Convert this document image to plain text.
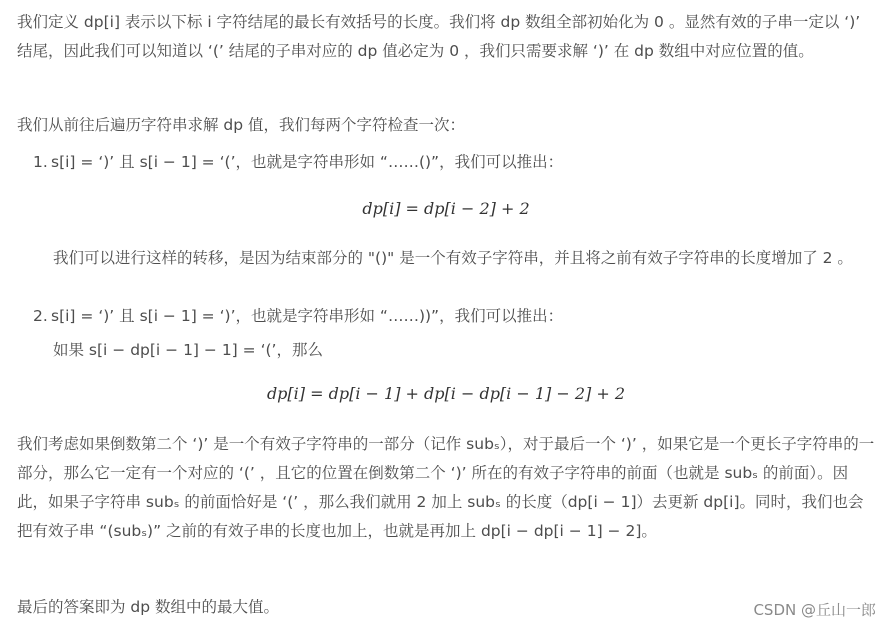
我们定义 dp[i] 表示以下标 i 字符结尾的最长有效括号的长度。我们将 dp 数组全部初始化为 0 。显然有效的子串一定以 ‘)’ 结尾，因此我们可以知道以 ‘(’ 结尾的子串对应的 dp 值必定为 0 ，我们只需要求解 ‘)’ 在 dp 数组中对应位置的值。

我们从前往后遍历字符串求解 dp 值，我们每两个字符检查一次：

1. s[i] = ‘)’ 且 s[i − 1] = ‘(’，也就是字符串形如 “……()”，我们可以推出：
dp[i] = dp[i − 2] + 2
我们可以进行这样的转移，是因为结束部分的 "()" 是一个有效子字符串，并且将之前有效子字符串的长度增加了 2 。
2. s[i] = ‘)’ 且 s[i − 1] = ‘)’，也就是字符串形如 “……))”，我们可以推出：
如果 s[i − dp[i − 1] − 1] = ‘(’，那么
dp[i] = dp[i − 1] + dp[i − dp[i − 1] − 2] + 2

我们考虑如果倒数第二个 ‘)’ 是一个有效子字符串的一部分（记作 subₛ），对于最后一个 ‘)’ ，如果它是一个更长子字符串的一部分，那么它一定有一个对应的 ‘(’ ，且它的位置在倒数第二个 ‘)’ 所在的有效子字符串的前面（也就是 subₛ 的前面）。因此，如果子字符串 subₛ 的前面恰好是 ‘(’ ，那么我们就用 2 加上 subₛ 的长度（dp[i − 1]）去更新 dp[i]。同时，我们也会把有效子串 “(subₛ)” 之前的有效子串的长度也加上，也就是再加上 dp[i − dp[i − 1] − 2]。

最后的答案即为 dp 数组中的最大值。	CSDN @丘山一郎
